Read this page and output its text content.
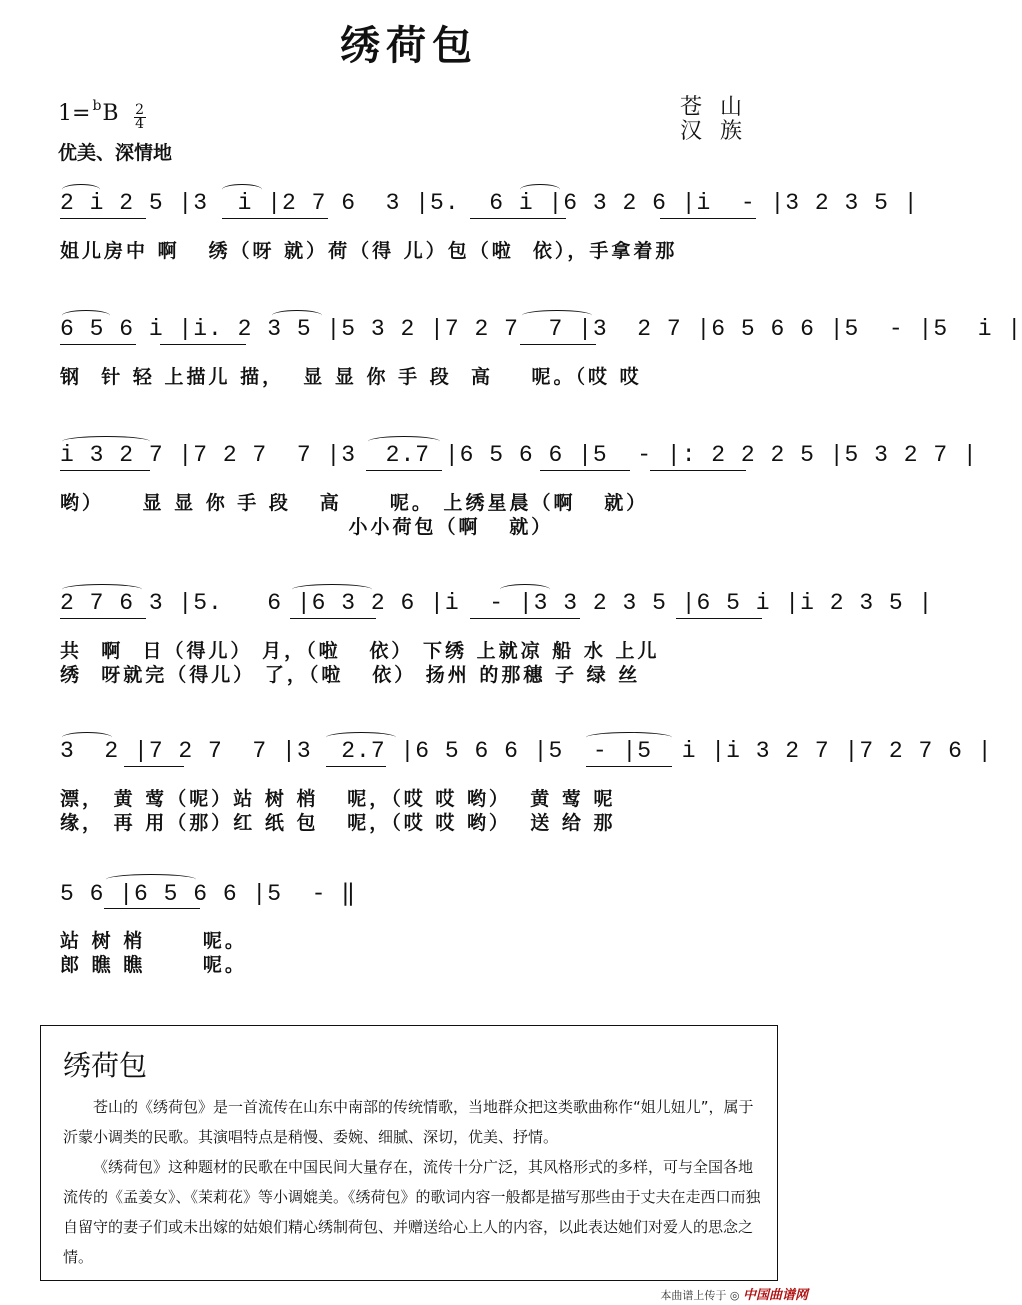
绣荷包
$1= ^bB \frac{2}{4}$	苍山
汉族
优美、深情地
2 i 2 5 |3  i |2 7 6  3 |5.  6 i |6 3 2 6 |i  - |3 2 3 5 |
姐儿房中 啊   绣（呀 就）荷（得 儿）包（啦  依），手拿着那
6 5 6 i |i. 2 3 5 |5 3 2 |7 2 7  7 |3  2 7 |6 5 6 6 |5  - |5  i |
钢  针 轻 上描儿 描，  显 显 你 手 段  高    呢。（哎 哎
i 3 2 7 |7 2 7  7 |3  2.7 |6 5 6 6 |5  - |: 2 2 2 5 |5 3 2 7 |
哟）    显 显 你 手 段   高     呢。 上绣星晨（啊   就）
小小荷包（啊   就）
2 7 6 3 |5.   6 |6 3 2 6 |i  - |3 3 2 3 5 |6 5 i |i 2 3 5 |
共  啊  日（得儿） 月，（啦   依） 下绣 上就凉 船 水 上儿
绣  呀就完（得儿） 了，（啦   依） 扬州 的那穗 子 绿 丝
3  2 |7 2 7  7 |3  2.7 |6 5 6 6 |5  - |5  i |i 3 2 7 |7 2 7 6 |
漂， 黄 莺（呢）站 树 梢   呢，（哎 哎 哟）  黄 莺 呢
缘， 再 用（那）红 纸 包   呢，（哎 哎 哟）  送 给 那
5 6 |6 5 6 6 |5  - ‖
站 树 梢      呢。
郎 瞧 瞧      呢。
绣荷包

苍山的《绣荷包》是一首流传在山东中南部的传统情歌，当地群众把这类歌曲称作“姐儿妞儿”，属于沂蒙小调类的民歌。其演唱特点是稍慢、委婉、细腻、深切，优美、抒情。

《绣荷包》这种题材的民歌在中国民间大量存在，流传十分广泛，其风格形式的多样，可与全国各地流传的《孟姜女》、《茉莉花》等小调媲美。《绣荷包》的歌词内容一般都是描写那些由于丈夫在走西口而独自留守的妻子们或未出嫁的姑娘们精心绣制荷包、并赠送给心上人的内容，以此表达她们对爱人的思念之情。

本曲谱上传于 ◎ 中国曲谱网
